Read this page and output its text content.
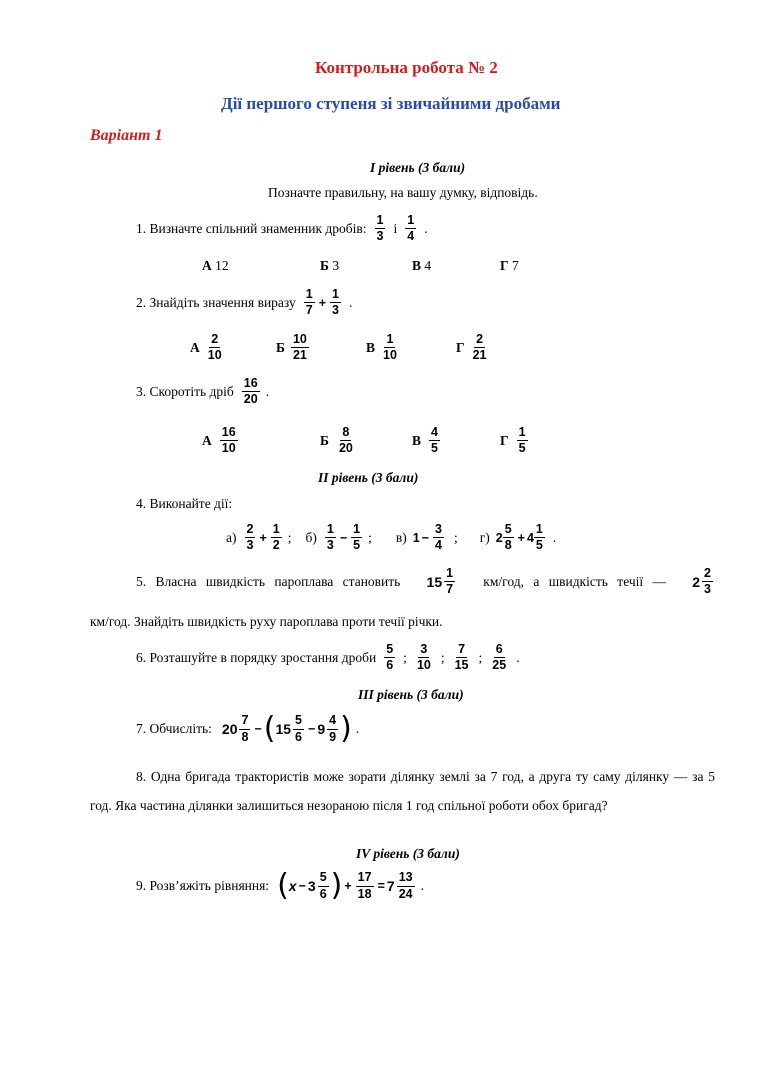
Контрольна робота № 2
Дії першого ступеня зі звичайними дробами
Варіант 1
І рівень (3 бали)
Позначте правильну, на вашу думку, відповідь.
1. Визначте спільний знаменник дробів: $\frac{1}{3}$ і $\frac{1}{4}$ .
А 12	Б 3	В 4	Г 7
2. Знайдіть значення виразу $\frac{1}{7} + \frac{1}{3}$ .
А $\frac{2}{10}$	Б $\frac{10}{21}$	В $\frac{1}{10}$	Г $\frac{2}{21}$
3. Скоротіть дріб $\frac{16}{20}$ .
А $\frac{16}{10}$	Б $\frac{8}{20}$	В $\frac{4}{5}$	Г $\frac{1}{5}$
ІІ рівень (3 бали)
4. Виконайте дії:
$а) \frac{2}{3} + \frac{1}{2}$ ; $б) \frac{1}{3} - \frac{1}{5}$ ; в) $1 - \frac{3}{4}$ ; г) $2 \frac{5}{8} + 4 \frac{1}{5}$ .
5. Власна швидкість пароплава становить $15 \frac{1}{7} км/год$, а швидкість течії — $2 \frac{2}{3}$
км/год. Знайдіть швидкість руху пароплава проти течії річки.
6. Розташуйте в порядку зростання дроби $\frac{5}{6}$ ; $\frac{3}{10}$ ; $\frac{7}{15}$ ; $\frac{6}{25}$ .
ІІІ рівень (3 бали)
7. Обчисліть: $20 \frac{7}{8}$ − ( $15 \frac{5}{6} - 9 \frac{4}{9}$ ) .
8. Одна бригада трактористів може зорати ділянку землі за 7 год, а друга ту саму ділянку — за 5 год. Яка частина ділянки залишиться незораною після 1 год спільної роботи обох бригад?
ІV рівень (3 бали)
9. Розв’яжіть рівняння: ( $x - 3 \frac{5}{6}$ ) + $\frac{17}{18} = 7 \frac{13}{24}$ .
